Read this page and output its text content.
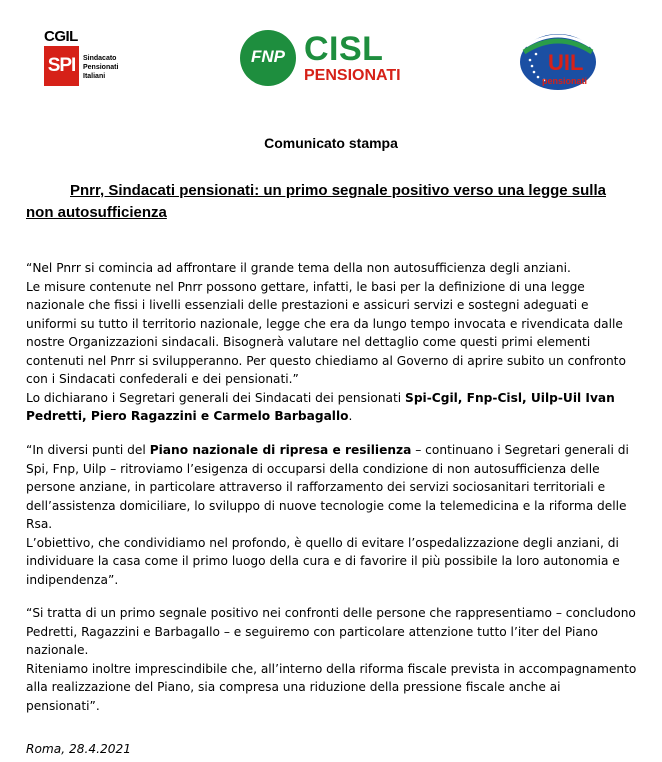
CGIL
SPI	Sindacato
Pensionati
Italiani
FNP CISL
PENSIONATI
UIL
pensionati
Comunicato stampa
Pnrr, Sindacati pensionati: un primo segnale positivo verso una legge sulla non autosufficienza

“Nel Pnrr si comincia ad affrontare il grande tema della non autosufficienza degli anziani.

Le misure contenute nel Pnrr possono gettare, infatti, le basi per la definizione di una legge nazionale che fissi i livelli essenziali delle prestazioni e assicuri servizi e sostegni adeguati e uniformi su tutto il territorio nazionale, legge che era da lungo tempo invocata e rivendicata dalle nostre Organizzazioni sindacali. Bisognerà valutare nel dettaglio come questi primi elementi contenuti nel Pnrr si svilupperanno. Per questo chiediamo al Governo di aprire subito un confronto con i Sindacati confederali e dei pensionati.”

Lo dichiarano i Segretari generali dei Sindacati dei pensionati Spi-Cgil, Fnp-Cisl, Uilp-Uil Ivan Pedretti, Piero Ragazzini e Carmelo Barbagallo.

“In diversi punti del Piano nazionale di ripresa e resilienza – continuano i Segretari generali di Spi, Fnp, Uilp – ritroviamo l’esigenza di occuparsi della condizione di non autosufficienza delle persone anziane, in particolare attraverso il rafforzamento dei servizi sociosanitari territoriali e dell’assistenza domiciliare, lo sviluppo di nuove tecnologie come la telemedicina e la riforma delle Rsa.

L’obiettivo, che condividiamo nel profondo, è quello di evitare l’ospedalizzazione degli anziani, di individuare la casa come il primo luogo della cura e di favorire il più possibile la loro autonomia e indipendenza”.

“Si tratta di un primo segnale positivo nei confronti delle persone che rappresentiamo – concludono Pedretti, Ragazzini e Barbagallo – e seguiremo con particolare attenzione tutto l’iter del Piano nazionale.

Riteniamo inoltre imprescindibile che, all’interno della riforma fiscale prevista in accompagnamento alla realizzazione del Piano, sia compresa una riduzione della pressione fiscale anche ai pensionati”.

Roma, 28.4.2021
